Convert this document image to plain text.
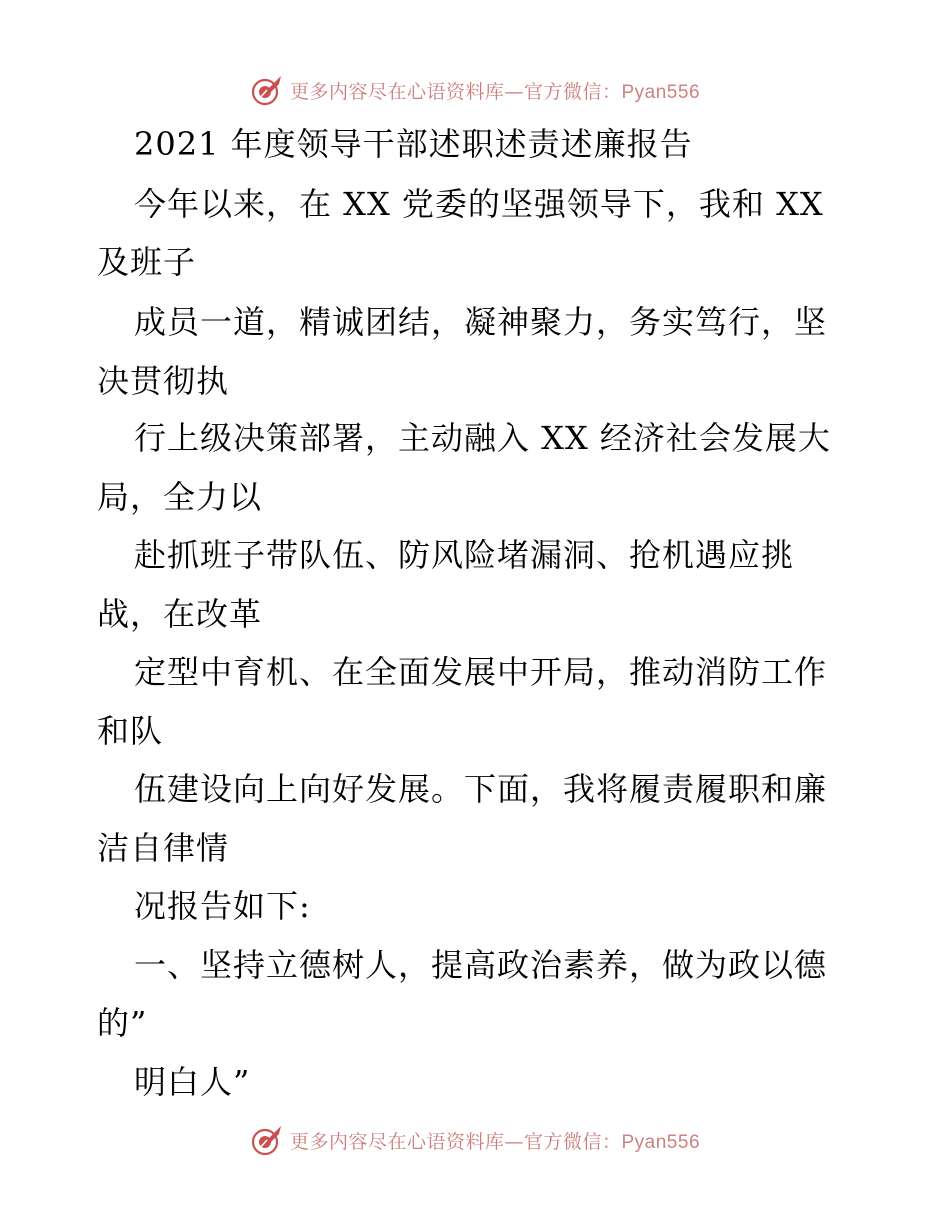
更多内容尽在心语资料库—官方微信：Pyan556
2021 年度领导干部述职述责述廉报告
今年以来，在 XX 党委的坚强领导下，我和 XX
及班子
成员一道，精诚团结，凝神聚力，务实笃行，坚
决贯彻执
行上级决策部署，主动融入 XX 经济社会发展大
局，全力以
赴抓班子带队伍、防风险堵漏洞、抢机遇应挑
战，在改革
定型中育机、在全面发展中开局，推动消防工作
和队
伍建设向上向好发展。下面，我将履责履职和廉
洁自律情
况报告如下:
一、坚持立德树人，提高政治素养，做为政以德
的”
明白人”
更多内容尽在心语资料库—官方微信：Pyan556
